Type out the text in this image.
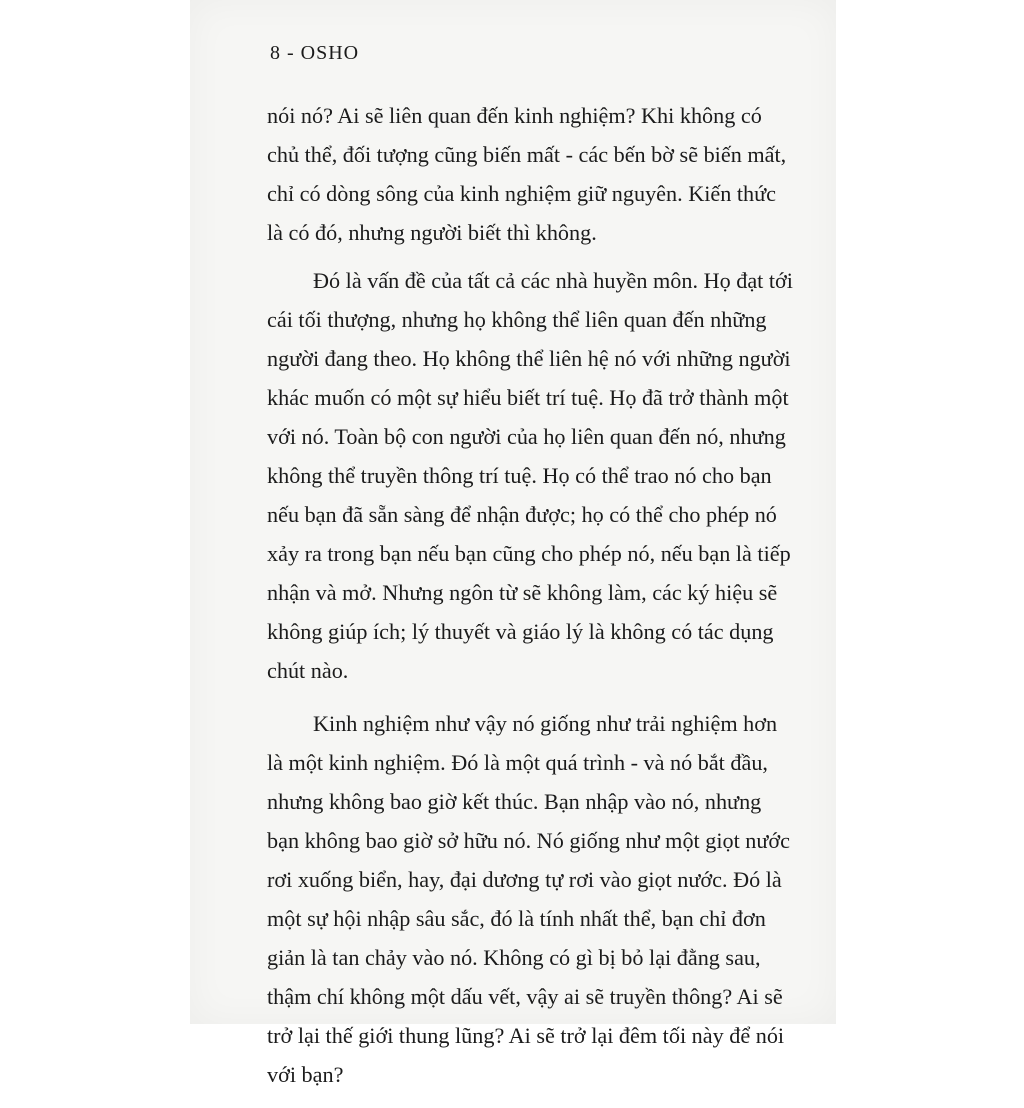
8 - OSHO
nói nó? Ai sẽ liên quan đến kinh nghiệm? Khi không có
chủ thể, đối tượng cũng biến mất - các bến bờ sẽ biến mất,
chỉ có dòng sông của kinh nghiệm giữ nguyên. Kiến thức
là có đó, nhưng người biết thì không.
Đó là vấn đề của tất cả các nhà huyền môn. Họ đạt tới
cái tối thượng, nhưng họ không thể liên quan đến những
người đang theo. Họ không thể liên hệ nó với những người
khác muốn có một sự hiểu biết trí tuệ. Họ đã trở thành một
với nó. Toàn bộ con người của họ liên quan đến nó, nhưng
không thể truyền thông trí tuệ. Họ có thể trao nó cho bạn
nếu bạn đã sẵn sàng để nhận được; họ có thể cho phép nó
xảy ra trong bạn nếu bạn cũng cho phép nó, nếu bạn là tiếp
nhận và mở. Nhưng ngôn từ sẽ không làm, các ký hiệu sẽ
không giúp ích; lý thuyết và giáo lý là không có tác dụng
chút nào.
Kinh nghiệm như vậy nó giống như trải nghiệm hơn
là một kinh nghiệm. Đó là một quá trình - và nó bắt đầu,
nhưng không bao giờ kết thúc. Bạn nhập vào nó, nhưng
bạn không bao giờ sở hữu nó. Nó giống như một giọt nước
rơi xuống biển, hay, đại dương tự rơi vào giọt nước. Đó là
một sự hội nhập sâu sắc, đó là tính nhất thể, bạn chỉ đơn
giản là tan chảy vào nó. Không có gì bị bỏ lại đằng sau,
thậm chí không một dấu vết, vậy ai sẽ truyền thông? Ai sẽ
trở lại thế giới thung lũng? Ai sẽ trở lại đêm tối này để nói
với bạn?
